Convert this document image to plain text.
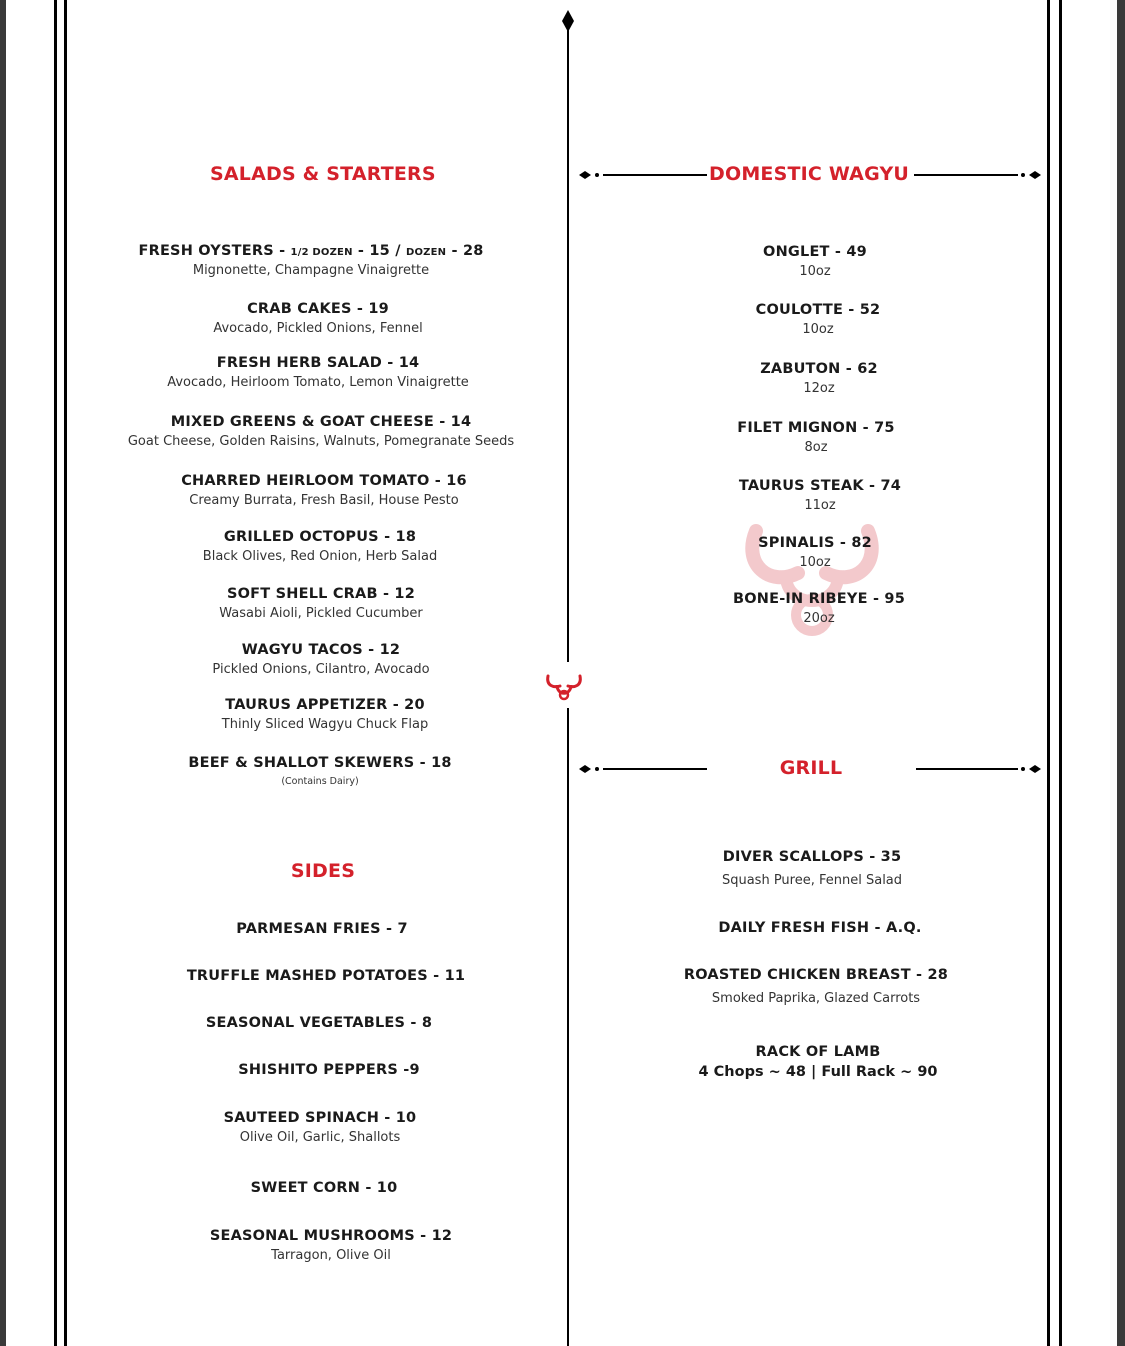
SALADS & STARTERS
FRESH OYSTERS - 1/2 DOZEN - 15 / DOZEN - 28
Mignonette, Champagne Vinaigrette
CRAB CAKES - 19
Avocado, Pickled Onions, Fennel
FRESH HERB SALAD - 14
Avocado, Heirloom Tomato, Lemon Vinaigrette
MIXED GREENS & GOAT CHEESE - 14
Goat Cheese, Golden Raisins, Walnuts, Pomegranate Seeds
CHARRED HEIRLOOM TOMATO - 16
Creamy Burrata, Fresh Basil, House Pesto
GRILLED OCTOPUS - 18
Black Olives, Red Onion, Herb Salad
SOFT SHELL CRAB - 12
Wasabi Aioli, Pickled Cucumber
WAGYU TACOS - 12
Pickled Onions, Cilantro, Avocado
TAURUS APPETIZER - 20
Thinly Sliced Wagyu Chuck Flap
BEEF & SHALLOT SKEWERS - 18
(Contains Dairy)
SIDES
PARMESAN FRIES - 7
TRUFFLE MASHED POTATOES - 11
SEASONAL VEGETABLES - 8
SHISHITO PEPPERS -9
SAUTEED SPINACH - 10
Olive Oil, Garlic, Shallots
SWEET CORN - 10
SEASONAL MUSHROOMS - 12
Tarragon, Olive Oil
DOMESTIC WAGYU
ONGLET - 49
10oz
COULOTTE - 52
10oz
ZABUTON - 62
12oz
FILET MIGNON - 75
8oz
TAURUS STEAK - 74
11oz
SPINALIS - 82
10oz
BONE-IN RIBEYE - 95
20oz
GRILL
DIVER SCALLOPS - 35
Squash Puree, Fennel Salad
DAILY FRESH FISH - A.Q.
ROASTED CHICKEN BREAST - 28
Smoked Paprika, Glazed Carrots
RACK OF LAMB
4 Chops ~ 48 | Full Rack ~ 90
